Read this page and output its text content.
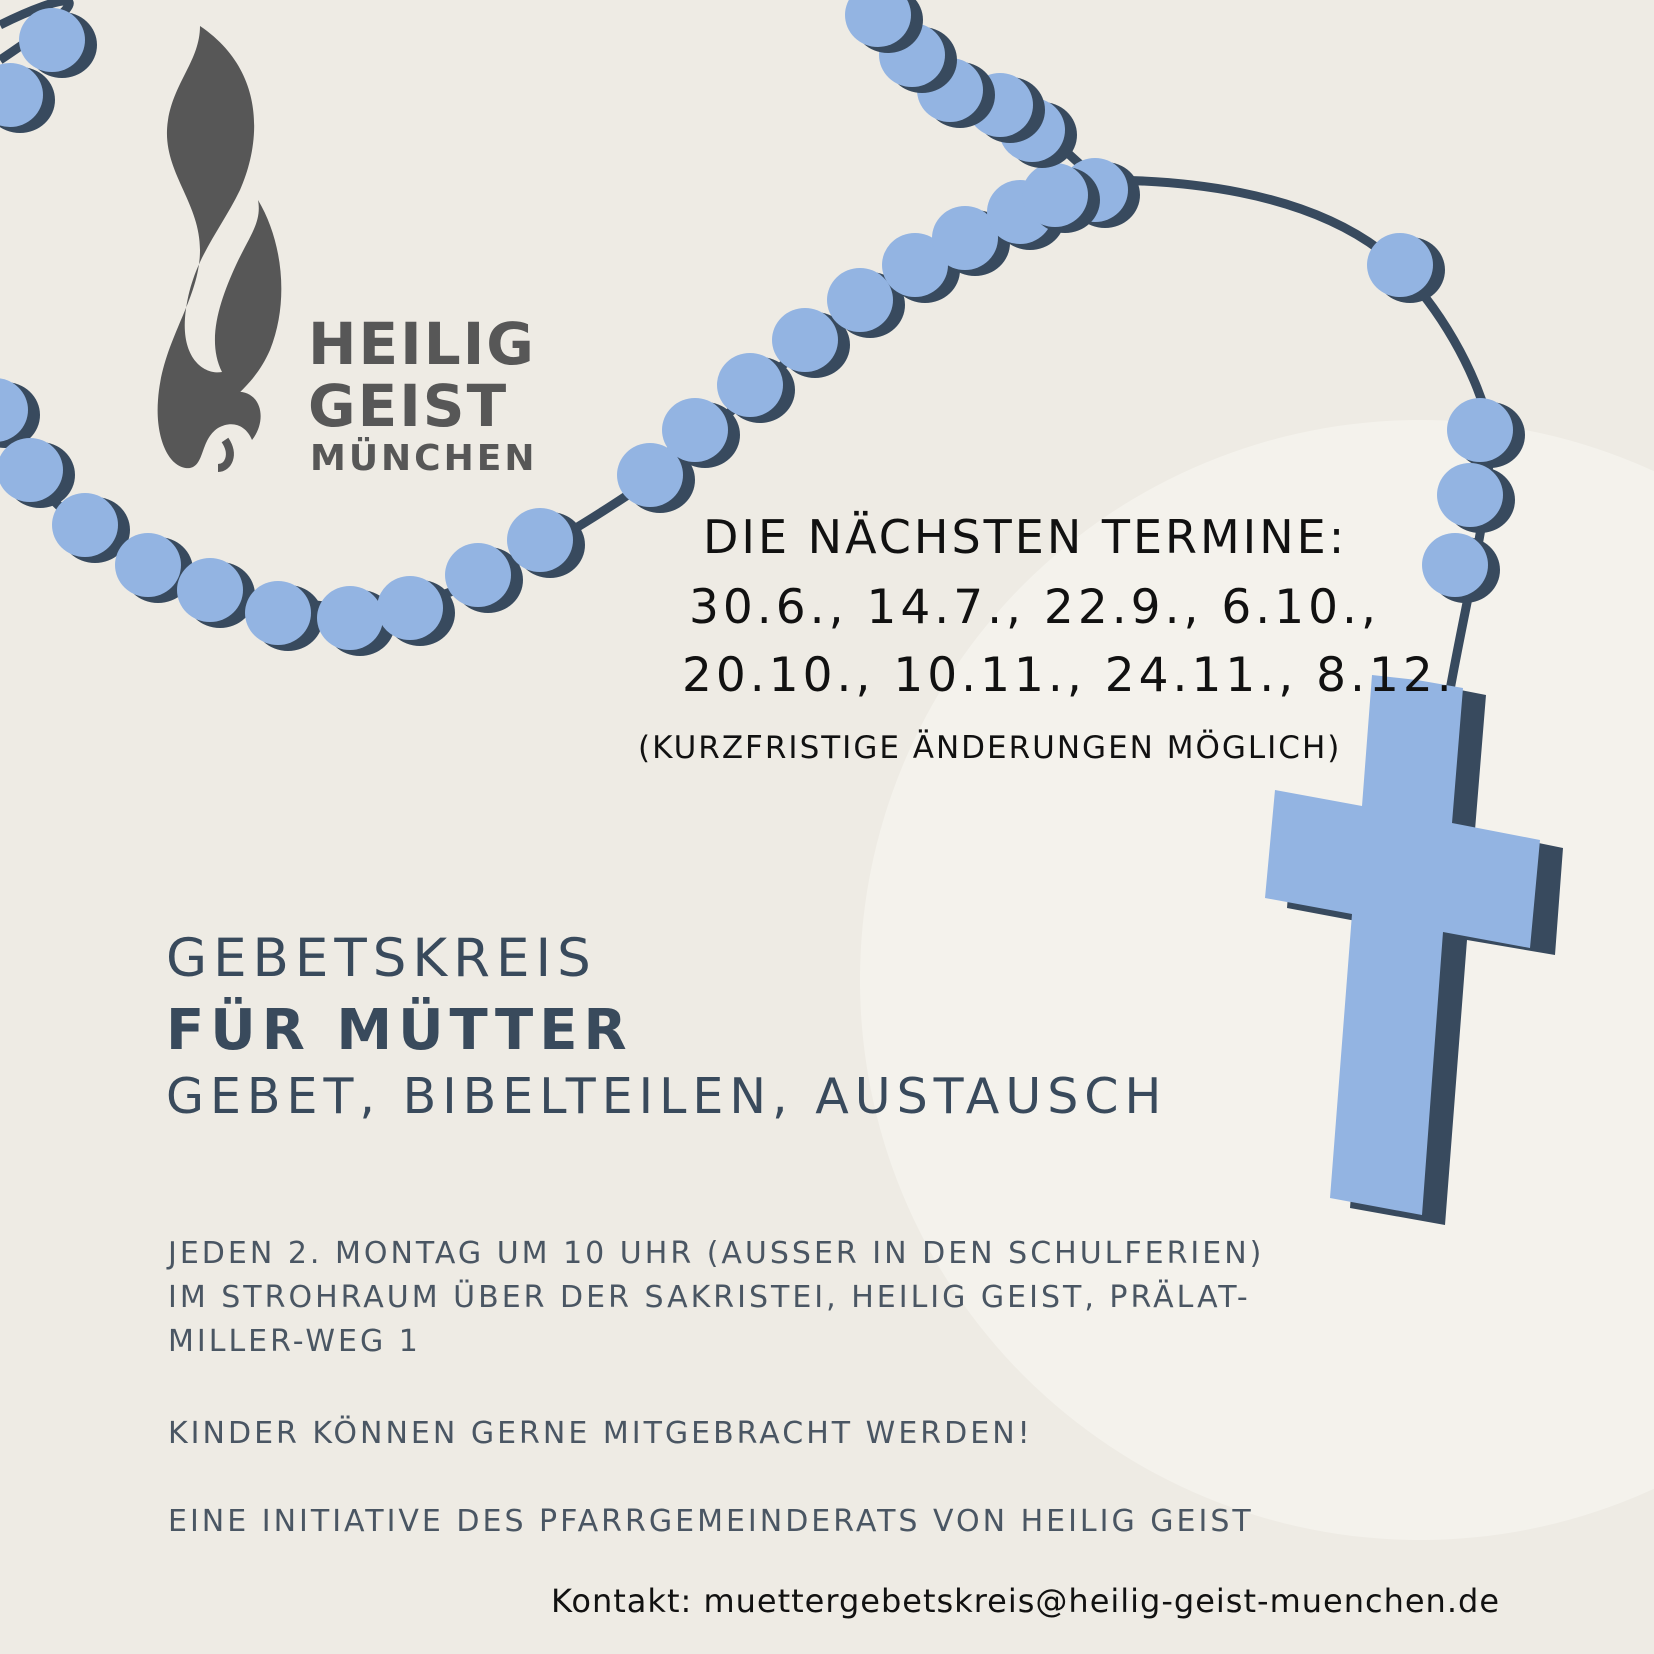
HEILIG

GEIST

MÜNCHEN

DIE NÄCHSTEN TERMINE:

30.6., 14.7., 22.9., 6.10.,

20.10., 10.11., 24.11., 8.12.

(KURZFRISTIGE ÄNDERUNGEN MÖGLICH)

GEBETSKREIS

FÜR MÜTTER

GEBET, BIBELTEILEN, AUSTAUSCH

JEDEN 2. MONTAG UM 10 UHR (AUSSER IN DEN SCHULFERIEN) IM STROHRAUM ÜBER DER SAKRISTEI, HEILIG GEIST, PRÄLAT-MILLER-WEG 1

KINDER KÖNNEN GERNE MITGEBRACHT WERDEN!

EINE INITIATIVE DES PFARRGEMEINDERATS VON HEILIG GEIST

Kontakt: muettergebetskreis@heilig-geist-muenchen.de
